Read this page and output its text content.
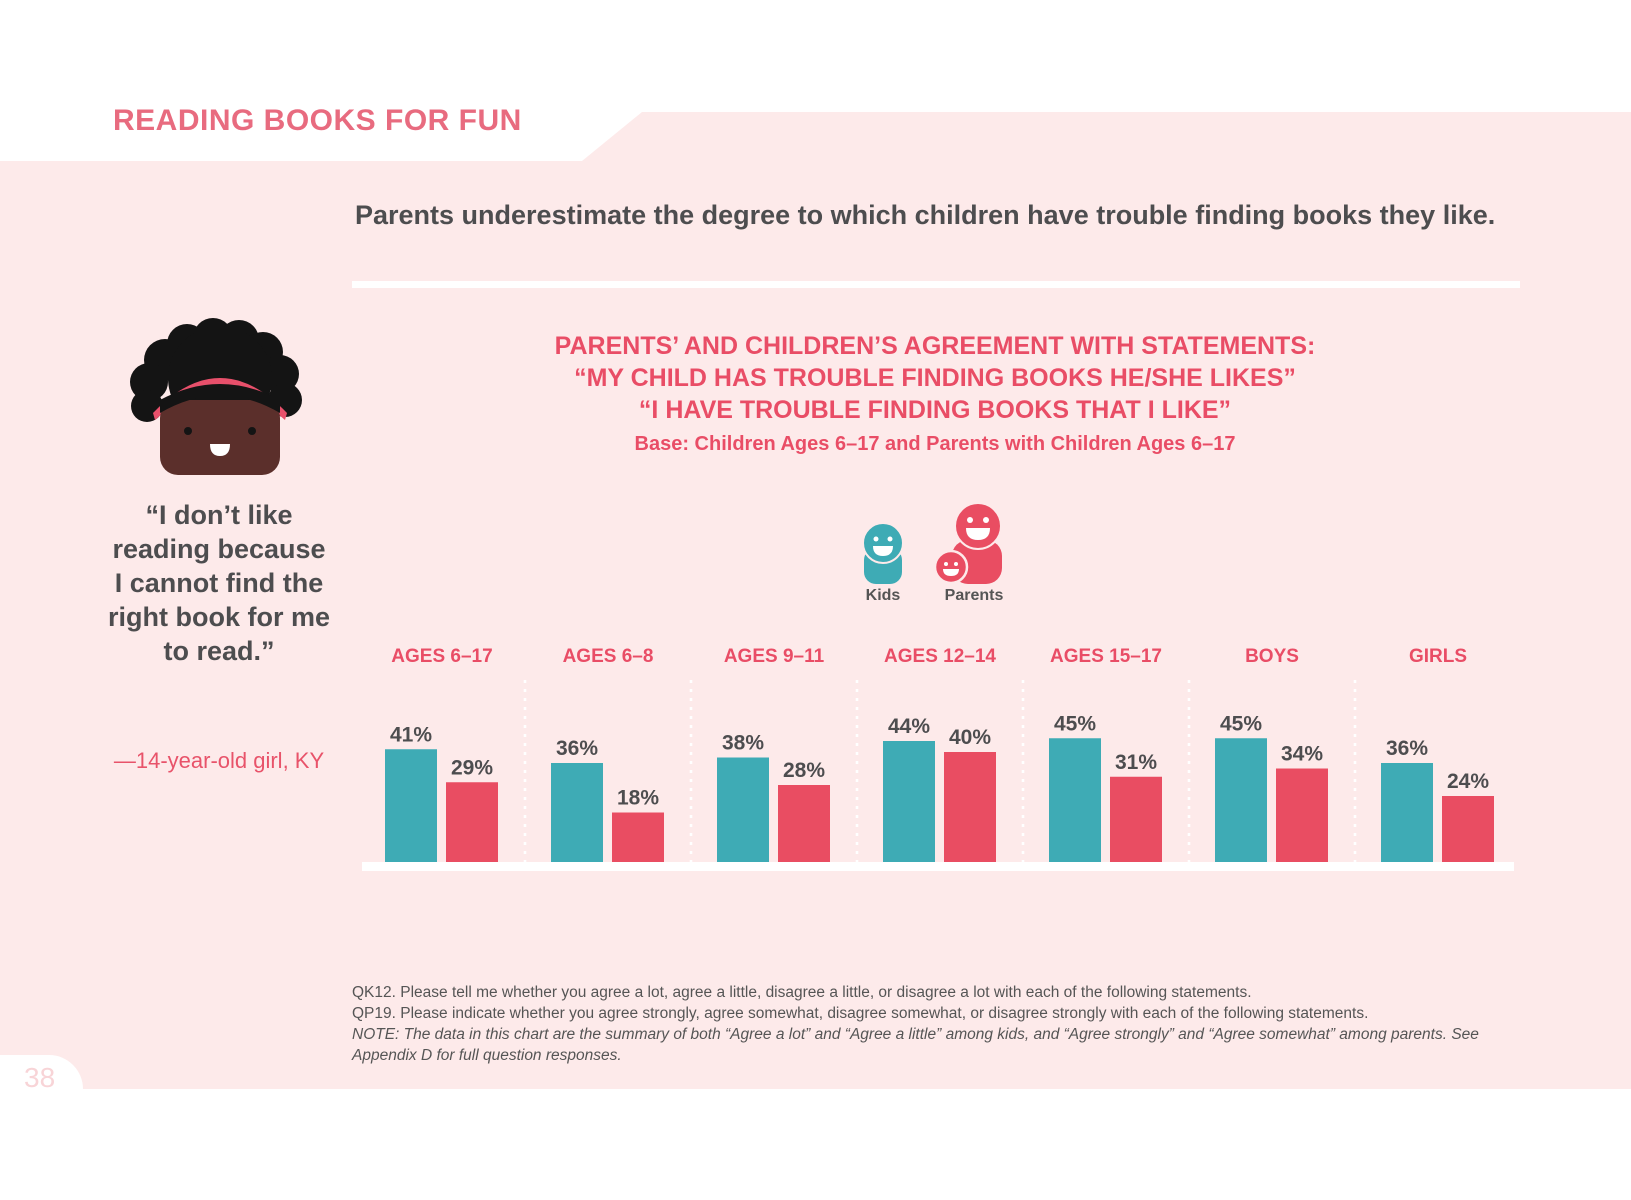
READING BOOKS FOR FUN
Parents underestimate the degree to which children have trouble finding books they like.

“I don’t like reading because I cannot find the right book for me to read.”

—14-year-old girl, KY
PARENTS’ AND CHILDREN’S AGREEMENT WITH STATEMENTS:
“MY CHILD HAS TROUBLE FINDING BOOKS HE/SHE LIKES”
“I HAVE TROUBLE FINDING BOOKS THAT I LIKE”
Base: Children Ages 6–17 and Parents with Children Ages 6–17
Kids	Parents
AGES 6–17
41%
29%
AGES 6–8
36%
18%
AGES 9–11
38%
28%
AGES 12–14
44% 40%
AGES 15–17
45%
31%
BOYS
45%
34%
GIRLS
36%
24%

QK12. Please tell me whether you agree a lot, agree a little, disagree a little, or disagree a lot with each of the following statements.

QP19. Please indicate whether you agree strongly, agree somewhat, disagree somewhat, or disagree strongly with each of the following statements.

NOTE: The data in this chart are the summary of both “Agree a lot” and “Agree a little” among kids, and “Agree strongly” and “Agree somewhat” among parents. See Appendix D for full question responses.

38
